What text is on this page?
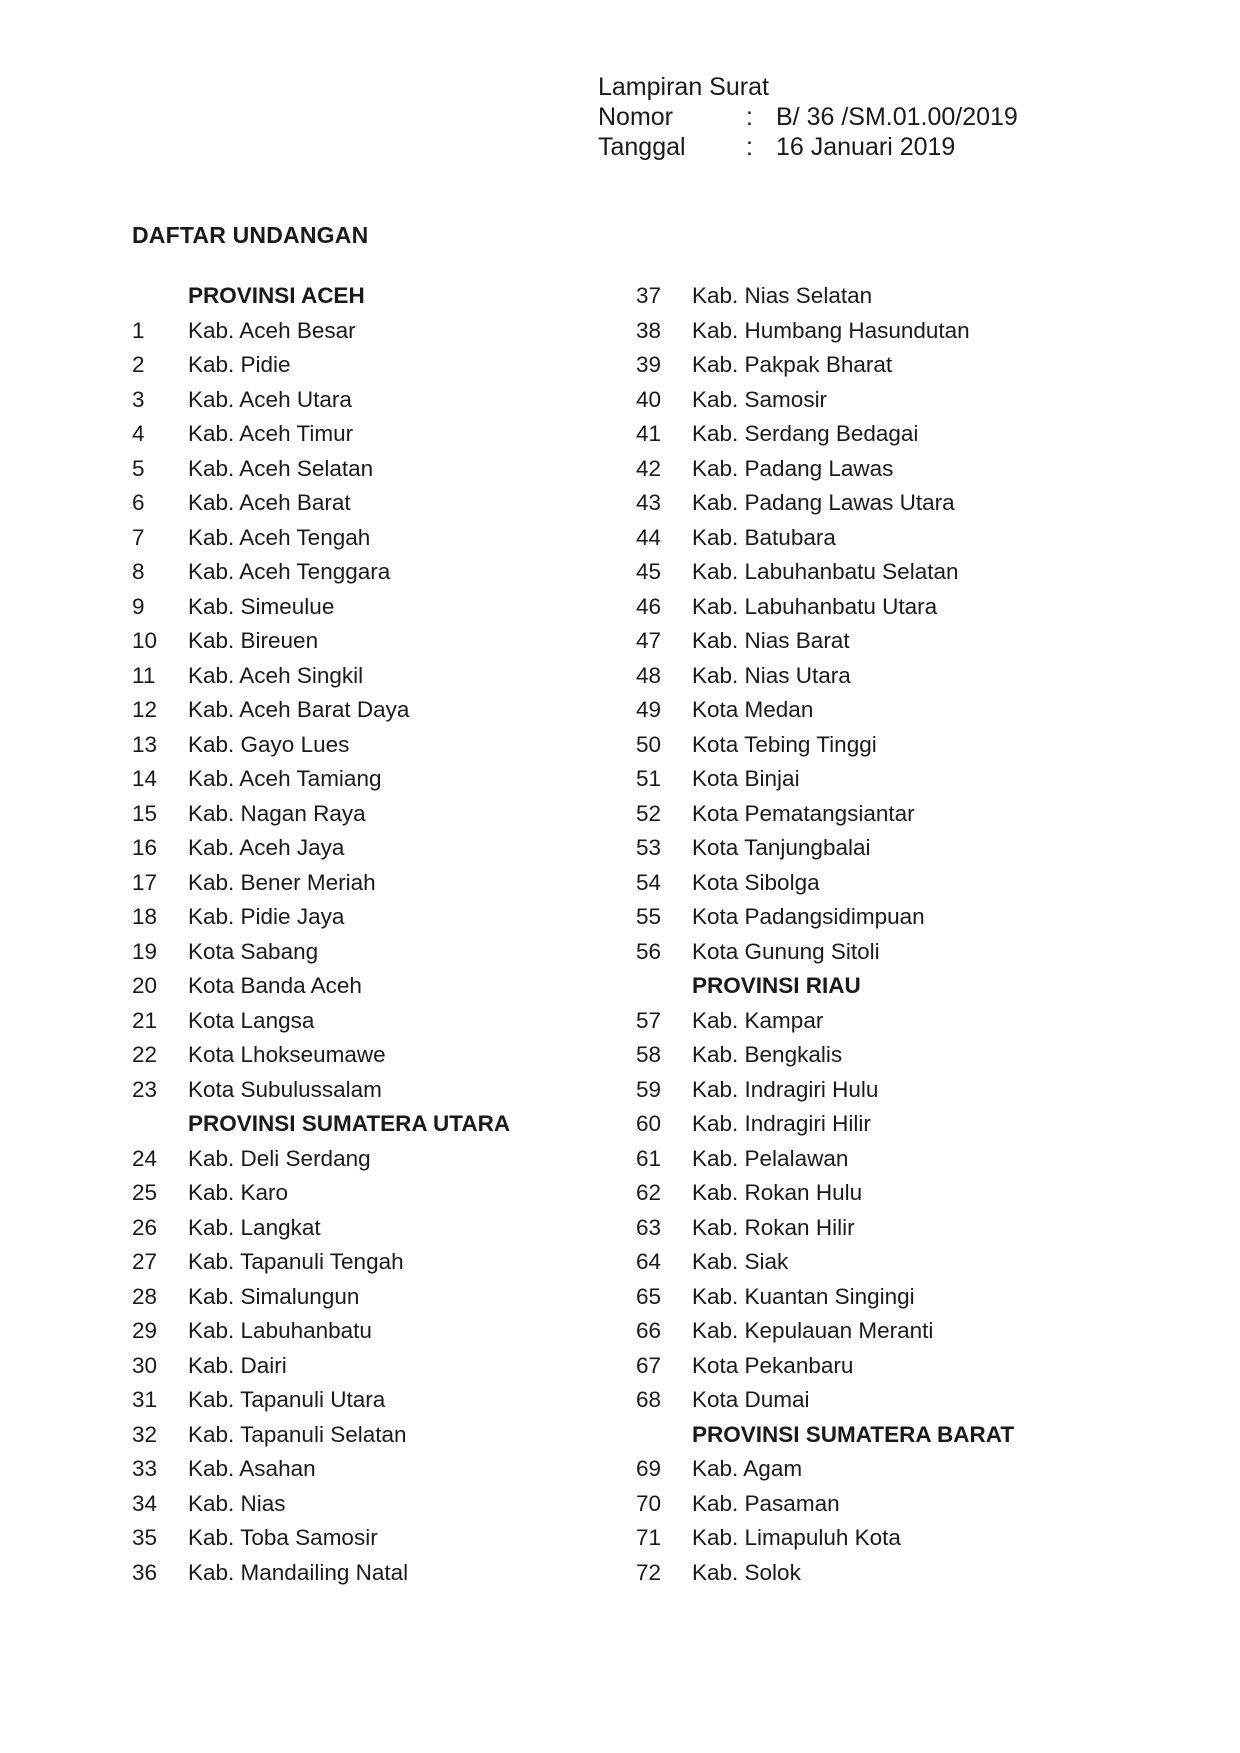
Lampiran Surat
Nomor	: B/ 36 /SM.01.00/2019
Tanggal	: 16 Januari 2019
DAFTAR UNDANGAN
PROVINSI ACEH
1	Kab. Aceh Besar
2	Kab. Pidie
3	Kab. Aceh Utara
4	Kab. Aceh Timur
5	Kab. Aceh Selatan
6	Kab. Aceh Barat
7	Kab. Aceh Tengah
8	Kab. Aceh Tenggara
9	Kab. Simeulue
10	Kab. Bireuen
11	Kab. Aceh Singkil
12	Kab. Aceh Barat Daya
13	Kab. Gayo Lues
14	Kab. Aceh Tamiang
15	Kab. Nagan Raya
16	Kab. Aceh Jaya
17	Kab. Bener Meriah
18	Kab. Pidie Jaya
19	Kota Sabang
20	Kota Banda Aceh
21	Kota Langsa
22	Kota Lhokseumawe
23	Kota Subulussalam
PROVINSI SUMATERA UTARA
24	Kab. Deli Serdang
25	Kab. Karo
26	Kab. Langkat
27	Kab. Tapanuli Tengah
28	Kab. Simalungun
29	Kab. Labuhanbatu
30	Kab. Dairi
31	Kab. Tapanuli Utara
32	Kab. Tapanuli Selatan
33	Kab. Asahan
34	Kab. Nias
35	Kab. Toba Samosir
36	Kab. Mandailing Natal
37	Kab. Nias Selatan
38	Kab. Humbang Hasundutan
39	Kab. Pakpak Bharat
40	Kab. Samosir
41	Kab. Serdang Bedagai
42	Kab. Padang Lawas
43	Kab. Padang Lawas Utara
44	Kab. Batubara
45	Kab. Labuhanbatu Selatan
46	Kab. Labuhanbatu Utara
47	Kab. Nias Barat
48	Kab. Nias Utara
49	Kota Medan
50	Kota Tebing Tinggi
51	Kota Binjai
52	Kota Pematangsiantar
53	Kota Tanjungbalai
54	Kota Sibolga
55	Kota Padangsidimpuan
56	Kota Gunung Sitoli
PROVINSI RIAU
57	Kab. Kampar
58	Kab. Bengkalis
59	Kab. Indragiri Hulu
60	Kab. Indragiri Hilir
61	Kab. Pelalawan
62	Kab. Rokan Hulu
63	Kab. Rokan Hilir
64	Kab. Siak
65	Kab. Kuantan Singingi
66	Kab. Kepulauan Meranti
67	Kota Pekanbaru
68	Kota Dumai
PROVINSI SUMATERA BARAT
69	Kab. Agam
70	Kab. Pasaman
71	Kab. Limapuluh Kota
72	Kab. Solok
